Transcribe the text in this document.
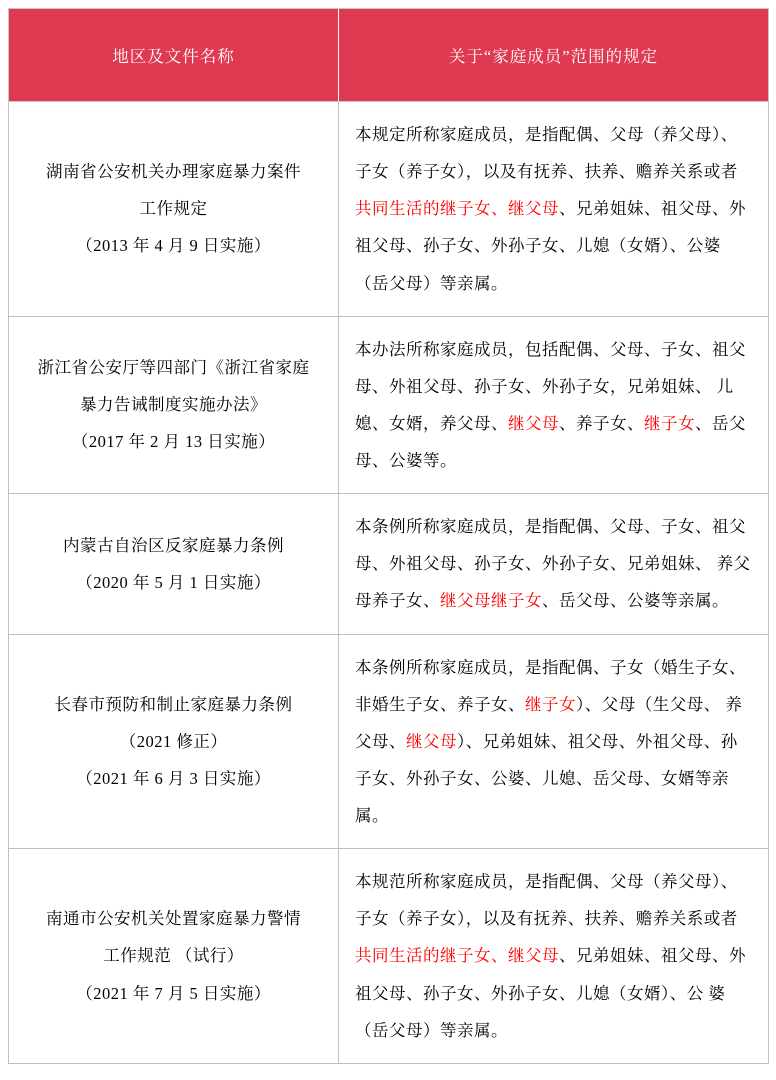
地区及文件名称	关于“家庭成员”范围的规定

湖南省公安机关办理家庭暴力案件
工作规定
（2013 年 4 月 9 日实施）	本规定所称家庭成员，是指配偶、父母（养父母）、子女（养子女），以及有抚养、扶养、赡养关系或者共同生活的继子女、继父母、兄弟姐妹、祖父母、外祖父母、孙子女、外孙子女、儿媳（女婿）、公婆（岳父母）等亲属。

浙江省公安厅等四部门《浙江省家庭
暴力告诫制度实施办法》
（2017 年 2 月 13 日实施）	本办法所称家庭成员，包括配偶、父母、子女、祖父母、外祖父母、孙子女、外孙子女，兄弟姐妹、 儿媳、女婿，养父母、继父母、养子女、继子女、岳父母、公婆等。

内蒙古自治区反家庭暴力条例
（2020 年 5 月 1 日实施）	本条例所称家庭成员，是指配偶、父母、子女、祖父母、外祖父母、孙子女、外孙子女、兄弟姐妹、 养父母养子女、继父母继子女、岳父母、公婆等亲属。

长春市预防和制止家庭暴力条例
（2021 修正）
（2021 年 6 月 3 日实施）	本条例所称家庭成员，是指配偶、子女（婚生子女、非婚生子女、养子女、继子女）、父母（生父母、 养父母、继父母）、兄弟姐妹、祖父母、外祖父母、孙子女、外孙子女、公婆、儿媳、岳父母、女婿等亲属。

南通市公安机关处置家庭暴力警情
工作规范 （试行）
（2021 年 7 月 5 日实施）	本规范所称家庭成员，是指配偶、父母（养父母）、子女（养子女），以及有抚养、扶养、赡养关系或者共同生活的继子女、继父母、兄弟姐妹、祖父母、外祖父母、孙子女、外孙子女、儿媳（女婿）、公 婆（岳父母）等亲属。
